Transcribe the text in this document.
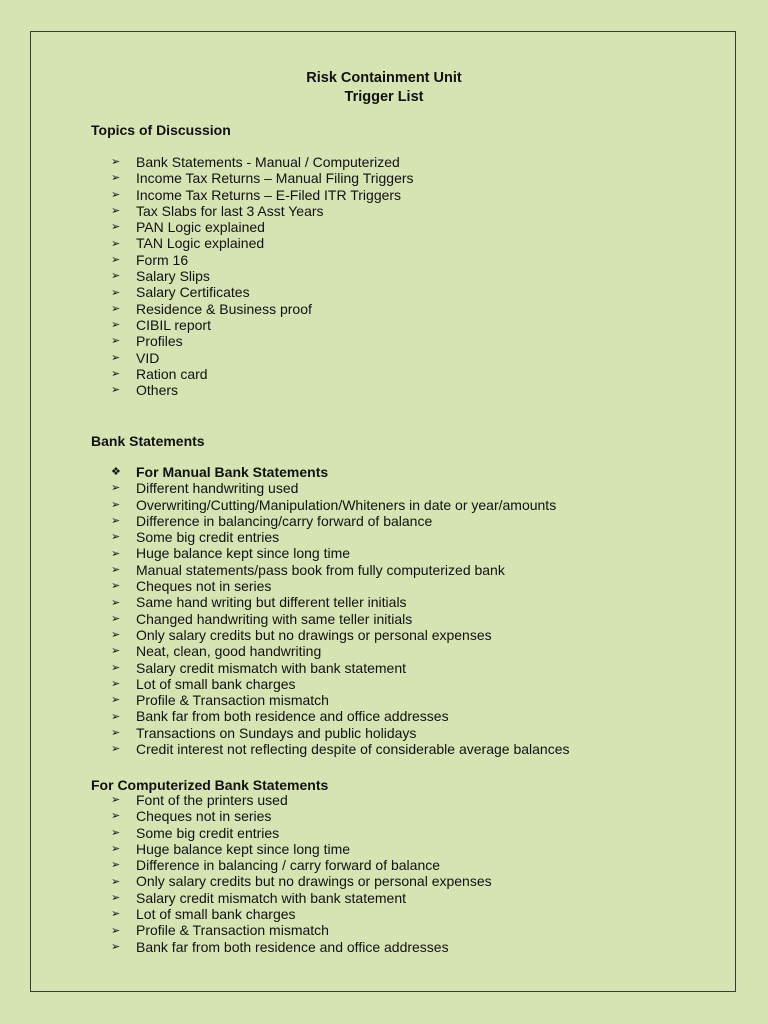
Risk Containment Unit
Trigger List
Topics of Discussion
➢	Bank Statements - Manual / Computerized
➢	Income Tax Returns – Manual Filing Triggers
➢	Income Tax Returns – E-Filed ITR Triggers
➢	Tax Slabs for last 3 Asst Years
➢	PAN Logic explained
➢	TAN Logic explained
➢	Form 16
➢	Salary Slips
➢	Salary Certificates
➢	Residence & Business proof
➢	CIBIL report
➢	Profiles
➢	VID
➢	Ration card
➢	Others
Bank Statements
❖	For Manual Bank Statements
➢	Different handwriting used
➢	Overwriting/Cutting/Manipulation/Whiteners in date or year/amounts
➢	Difference in balancing/carry forward of balance
➢	Some big credit entries
➢	Huge balance kept since long time
➢	Manual statements/pass book from fully computerized bank
➢	Cheques not in series
➢	Same hand writing but different teller initials
➢	Changed handwriting with same teller initials
➢	Only salary credits but no drawings or personal expenses
➢	Neat, clean, good handwriting
➢	Salary credit mismatch with bank statement
➢	Lot of small bank charges
➢	Profile & Transaction mismatch
➢	Bank far from both residence and office addresses
➢	Transactions on Sundays and public holidays
➢	Credit interest not reflecting despite of considerable average balances
For Computerized Bank Statements
➢	Font of the printers used
➢	Cheques not in series
➢	Some big credit entries
➢	Huge balance kept since long time
➢	Difference in balancing / carry forward of balance
➢	Only salary credits but no drawings or personal expenses
➢	Salary credit mismatch with bank statement
➢	Lot of small bank charges
➢	Profile & Transaction mismatch
➢	Bank far from both residence and office addresses
